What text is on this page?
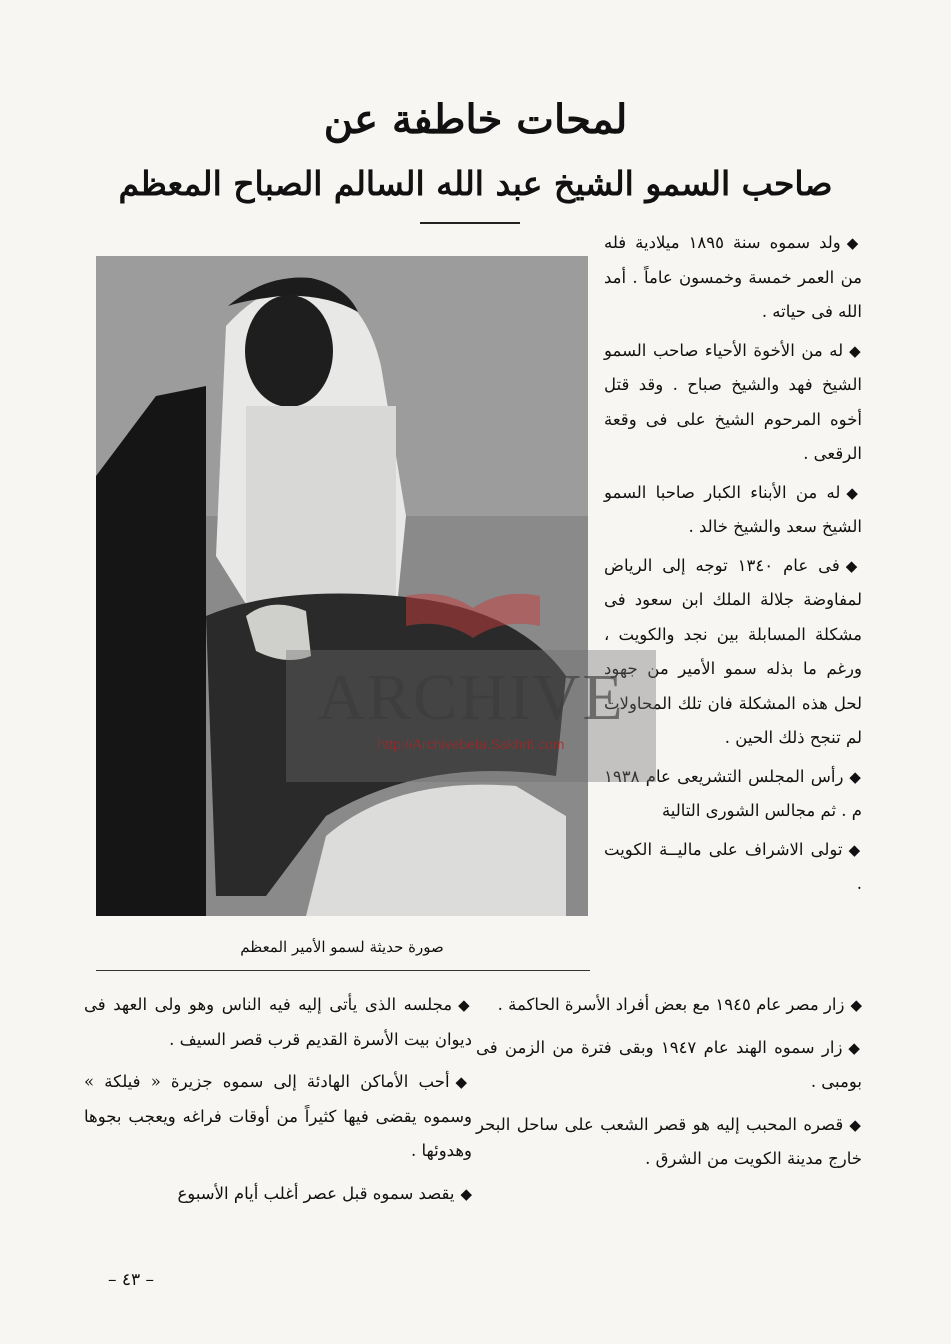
لمحات خاطفة عن
صاحب السمو الشيخ عبد الله السالم الصباح المعظم
صورة حديثة لسمو الأمير المعظم

◆ولد سموه سنة ١٨٩٥ ميلادية فله من العمر خمسة وخمسون عاماً . أمد الله فى حياته .

◆له من الأخوة الأحياء صاحب السمو الشيخ فهد والشيخ صباح . وقد قتل أخوه المرحوم الشيخ على فى وقعة الرقعى .

◆له من الأبناء الكبار صاحبا السمو الشيخ سعد والشيخ خالد .

◆فى عام ١٣٤٠ توجه إلى الرياض لمفاوضة جلالة الملك ابن سعود فى مشكلة المسابلة بين نجد والكويت ، ورغم ما بذله سمو الأمير من جهود لحل هذه المشكلة فان تلك المحاولات لم تنجح ذلك الحين .

◆رأس المجلس التشريعى عام ١٩٣٨ م . ثم مجالس الشورى التالية

◆تولى الاشراف على ماليــة الكويت .

◆زار مصر عام ١٩٤٥ مع بعض أفراد الأسرة الحاكمة .

◆زار سموه الهند عام ١٩٤٧ وبقى فترة من الزمن فى بومبى .

◆قصره المحبب إليه هو قصر الشعب على ساحل البحر خارج مدينة الكويت من الشرق .

◆مجلسه الذى يأتى إليه فيه الناس وهو ولى العهد فى ديوان بيت الأسرة القديم قرب قصر السيف .

◆أحب الأماكن الهادئة إلى سموه جزيرة « فيلكة » وسموه يقضى فيها كثيراً من أوقات فراغه ويعجب بجوها وهدوئها .

◆يقصد سموه قبل عصر أغلب أيام الأسبوع

ARCHIVE
http://Archivebeta.Sakhrit.com
– ٤٣ –
